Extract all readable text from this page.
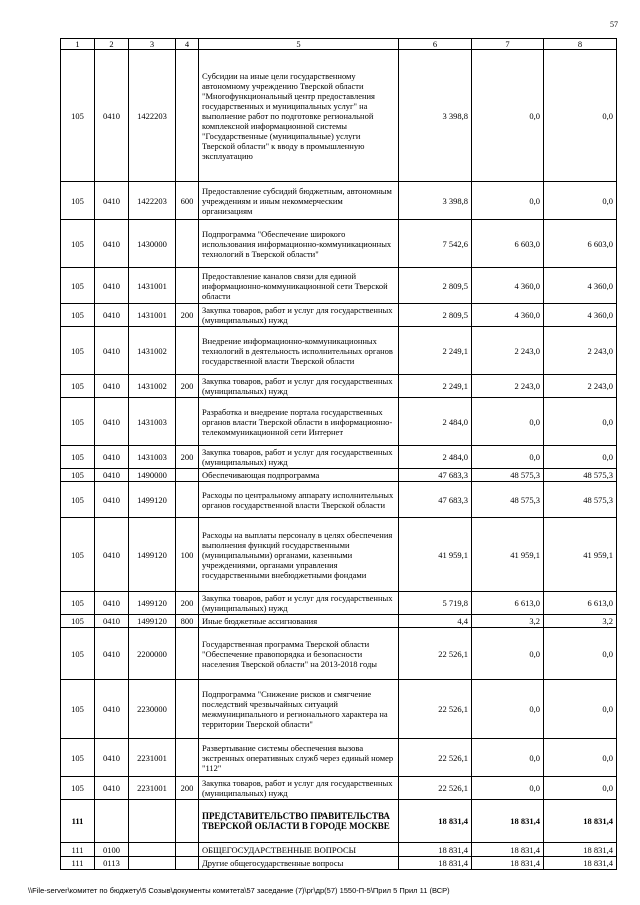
57
1	2	3	4	5	6	7	8
105	0410	1422203		Субсидии на иные цели государственному автономному учреждению Тверской области "Многофункциональный центр предоставления государственных и муниципальных услуг" на выполнение работ по подготовке региональной комплексной информационной системы "Государственные (муниципальные) услуги Тверской области" к вводу в промышленную эксплуатацию	3 398,8	0,0	0,0
105	0410	1422203	600	Предоставление субсидий бюджетным, автономным учреждениям и иным некоммерческим организациям	3 398,8	0,0	0,0
105	0410	1430000		Подпрограмма "Обеспечение широкого использования информационно-коммуникационных технологий в Тверской области"	7 542,6	6 603,0	6 603,0
105	0410	1431001		Предоставление каналов связи для единой информационно-коммуникационной сети Тверской области	2 809,5	4 360,0	4 360,0
105	0410	1431001	200	Закупка товаров, работ и услуг для государственных (муниципальных) нужд	2 809,5	4 360,0	4 360,0
105	0410	1431002		Внедрение информационно-коммуникационных технологий в деятельность исполнительных органов государственной власти Тверской области	2 249,1	2 243,0	2 243,0
105	0410	1431002	200	Закупка товаров, работ и услуг для государственных (муниципальных) нужд	2 249,1	2 243,0	2 243,0
105	0410	1431003		Разработка и внедрение портала государственных органов власти Тверской области в информационно-телекоммуникационной сети Интернет	2 484,0	0,0	0,0
105	0410	1431003	200	Закупка товаров, работ и услуг для государственных (муниципальных) нужд	2 484,0	0,0	0,0
105	0410	1490000		Обеспечивающая подпрограмма	47 683,3	48 575,3	48 575,3
105	0410	1499120		Расходы по центральному аппарату исполнительных органов государственной власти Тверской области	47 683,3	48 575,3	48 575,3
105	0410	1499120	100	Расходы на выплаты персоналу в целях обеспечения выполнения функций государственными (муниципальными) органами, казенными учреждениями, органами управления государственными внебюджетными фондами	41 959,1	41 959,1	41 959,1
105	0410	1499120	200	Закупка товаров, работ и услуг для государственных (муниципальных) нужд	5 719,8	6 613,0	6 613,0
105	0410	1499120	800	Иные бюджетные ассигнования	4,4	3,2	3,2
105	0410	2200000		Государственная программа Тверской области "Обеспечение правопорядка и безопасности населения Тверской области" на 2013-2018 годы	22 526,1	0,0	0,0
105	0410	2230000		Подпрограмма "Снижение рисков и смягчение последствий чрезвычайных ситуаций межмуниципального и регионального характера на территории Тверской области"	22 526,1	0,0	0,0
105	0410	2231001		Развертывание системы обеспечения вызова экстренных оперативных служб через единый номер "112"	22 526,1	0,0	0,0
105	0410	2231001	200	Закупка товаров, работ и услуг для государственных (муниципальных) нужд	22 526,1	0,0	0,0
111				ПРЕДСТАВИТЕЛЬСТВО ПРАВИТЕЛЬСТВА ТВЕРСКОЙ ОБЛАСТИ В ГОРОДЕ МОСКВЕ	18 831,4	18 831,4	18 831,4
111	0100			ОБЩЕГОСУДАРСТВЕННЫЕ ВОПРОСЫ	18 831,4	18 831,4	18 831,4
111	0113			Другие общегосударственные вопросы	18 831,4	18 831,4	18 831,4
\\File-server\комитет по бюджету\5 Созыв\документы комитета\57 заседание (7)\рг\др(57) 1550-П-5\Прил 5 Прил 11 (ВСР)
